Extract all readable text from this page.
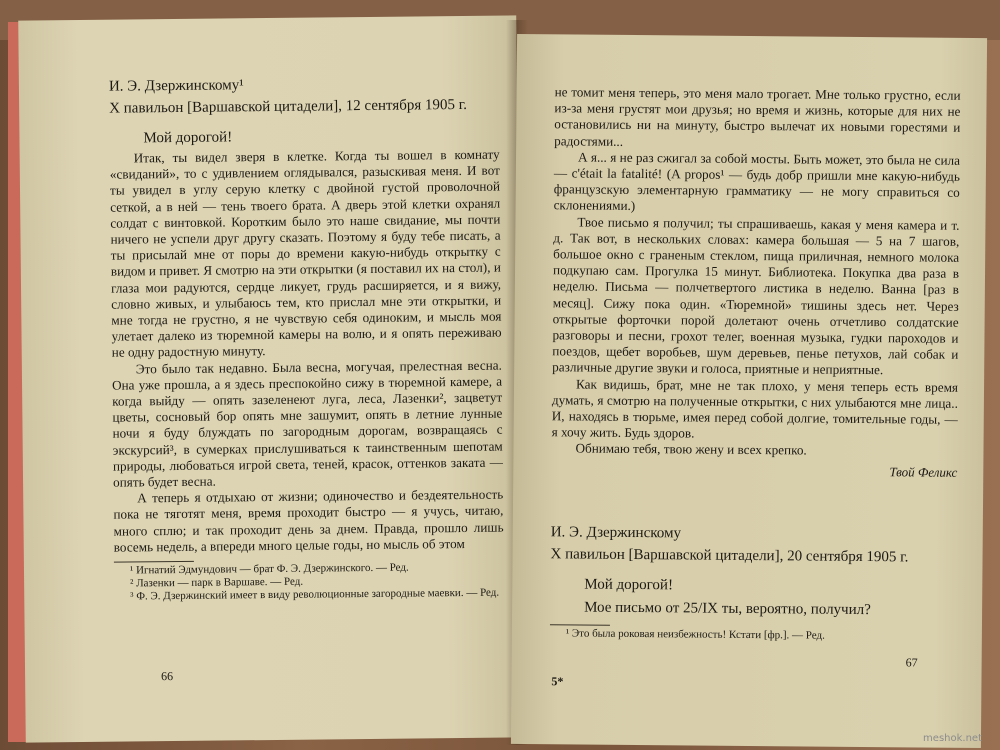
И. Э. Дзержинскому¹

X павильон [Варшавской цитадели], 12 сентября 1905 г.

Мой дорогой!

Итак, ты видел зверя в клетке. Когда ты вошел в комнату «свиданий», то с удивлением оглядывался, разыскивая меня. И вот ты увидел в углу серую клетку с двойной густой проволочной сеткой, а в ней — тень твоего брата. А дверь этой клетки охранял солдат с винтовкой. Коротким было это наше свидание, мы почти ничего не успели друг другу сказать. Поэтому я буду тебе писать, а ты присылай мне от поры до времени какую-нибудь открытку с видом и привет. Я смотрю на эти открытки (я поставил их на стол), и глаза мои радуются, сердце ликует, грудь расширяется, и я вижу, словно живых, и улыбаюсь тем, кто прислал мне эти открытки, и мне тогда не грустно, я не чувствую себя одиноким, и мысль моя улетает далеко из тюремной камеры на волю, и я опять переживаю не одну радостную минуту.

Это было так недавно. Была весна, могучая, прелестная весна. Она уже прошла, а я здесь преспокойно сижу в тюремной камере, а когда выйду — опять зазеленеют луга, леса, Лазенки², зацветут цветы, сосновый бор опять мне зашумит, опять в летние лунные ночи я буду блуждать по загородным дорогам, возвращаясь с экскурсий³, в сумерках прислушиваться к таинственным шепотам природы, любоваться игрой света, теней, красок, оттенков заката — опять будет весна.

А теперь я отдыхаю от жизни; одиночество и бездеятельность пока не тяготят меня, время проходит быстро — я учусь, читаю, много сплю; и так проходит день за днем. Правда, прошло лишь восемь недель, а впереди много целые годы, но мысль об этом

¹ Игнатий Эдмундович — брат Ф. Э. Дзержинского. — Ред.
² Лазенки — парк в Варшаве. — Ред.
³ Ф. Э. Дзержинский имеет в виду революционные загородные маевки. — Ред.
66

не томит меня теперь, это меня мало трогает. Мне только грустно, если из-за меня грустят мои друзья; но время и жизнь, которые для них не остановились ни на минуту, быстро вылечат их новыми горестями и радостями...

А я... я не раз сжигал за собой мосты. Быть может, это была не сила — c'était la fatalité! (A propos¹ — будь добр пришли мне какую-нибудь французскую элементарную грамматику — не могу справиться со склонениями.)

Твое письмо я получил; ты спрашиваешь, какая у меня камера и т. д. Так вот, в нескольких словах: камера большая — 5 на 7 шагов, большое окно с граненым стеклом, пища приличная, немного молока подкупаю сам. Прогулка 15 минут. Библиотека. Покупка два раза в неделю. Письма — полчетвертого листика в неделю. Ванна [раз в месяц]. Сижу пока один. «Тюремной» тишины здесь нет. Через открытые форточки порой долетают очень отчетливо солдатские разговоры и песни, грохот телег, военная музыка, гудки пароходов и поездов, щебет воробьев, шум деревьев, пенье петухов, лай собак и различные другие звуки и голоса, приятные и неприятные.

Как видишь, брат, мне не так плохо, у меня теперь есть время думать, я смотрю на полученные открытки, с них улыбаются мне лица.. И, находясь в тюрьме, имея перед собой долгие, томительные годы, — я хочу жить. Будь здоров.

Обнимаю тебя, твою жену и всех крепко.

Твой Феликс

И. Э. Дзержинскому

X павильон [Варшавской цитадели], 20 сентября 1905 г.

Мой дорогой!

Мое письмо от 25/IX ты, вероятно, получил?

¹ Это была роковая неизбежность! Кстати [фр.]. — Ред.
5*
67
meshok.net
